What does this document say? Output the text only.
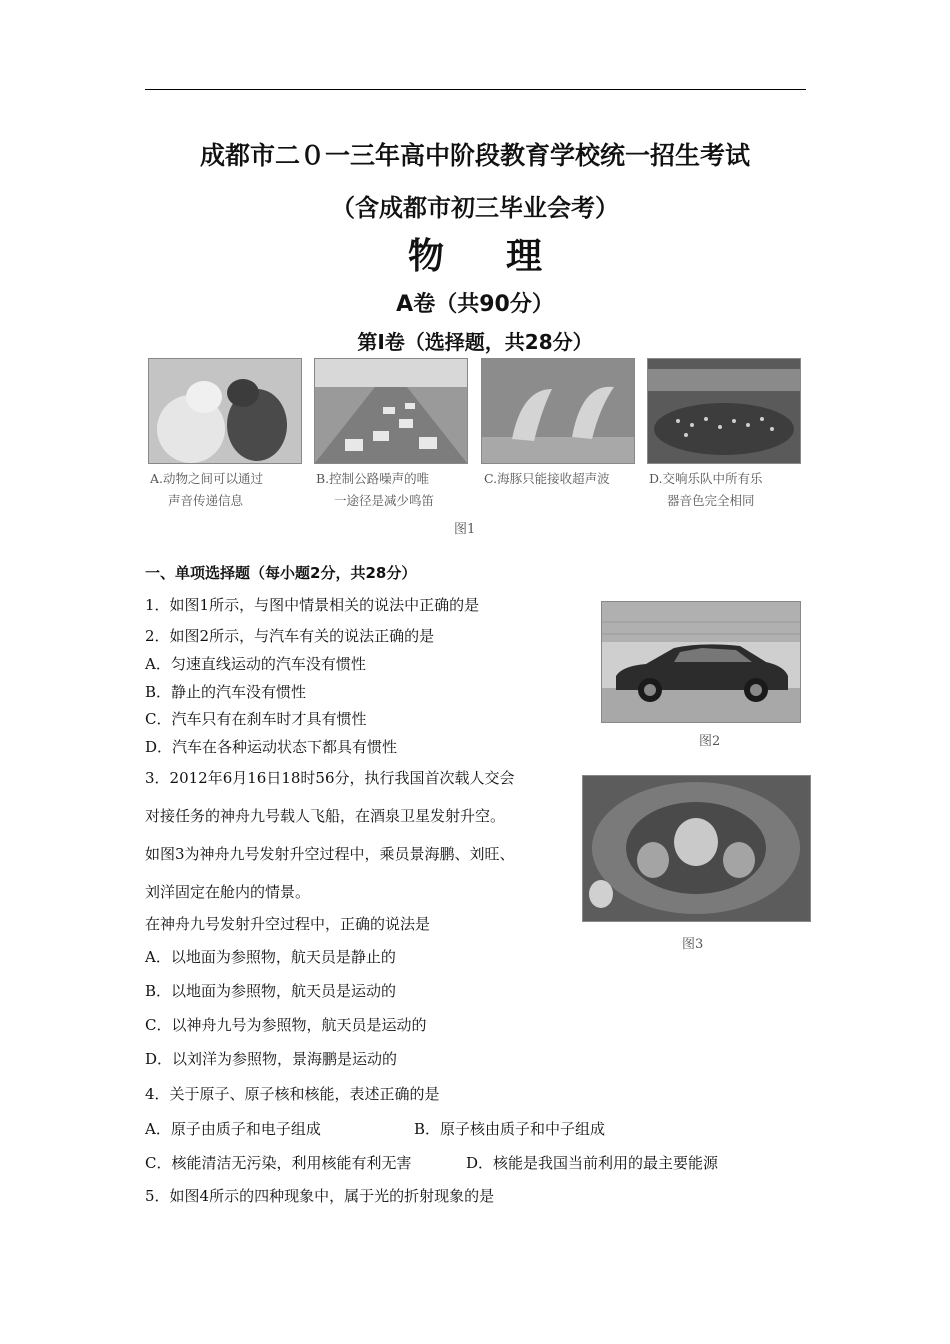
成都市二０一三年高中阶段教育学校统一招生考试
（含成都市初三毕业会考）
物理
A卷（共90分）
第Ⅰ卷（选择题，共28分）
A.动物之间可以通过
声音传递信息
B.控制公路噪声的唯
一途径是减少鸣笛
C.海豚只能接收超声波	D.交响乐队中所有乐
器音色完全相同
图1
一、单项选择题（每小题2分，共28分）
1．如图1所示，与图中情景相关的说法中正确的是
2．如图2所示，与汽车有关的说法正确的是
A．匀速直线运动的汽车没有惯性
B．静止的汽车没有惯性
C．汽车只有在刹车时才具有惯性
D．汽车在各种运动状态下都具有惯性	图2
3．2012年6月16日18时56分，执行我国首次载人交会
对接任务的神舟九号载人飞船，在酒泉卫星发射升空。
如图3为神舟九号发射升空过程中，乘员景海鹏、刘旺、
刘洋固定在舱内的情景。
在神舟九号发射升空过程中，正确的说法是
A．以地面为参照物，航天员是静止的
B．以地面为参照物，航天员是运动的
C．以神舟九号为参照物，航天员是运动的
D．以刘洋为参照物，景海鹏是运动的
图3
4．关于原子、原子核和核能，表述正确的是
A．原子由质子和电子组成	B．原子核由质子和中子组成
C．核能清洁无污染，利用核能有利无害	D．核能是我国当前利用的最主要能源
5．如图4所示的四种现象中，属于光的折射现象的是
